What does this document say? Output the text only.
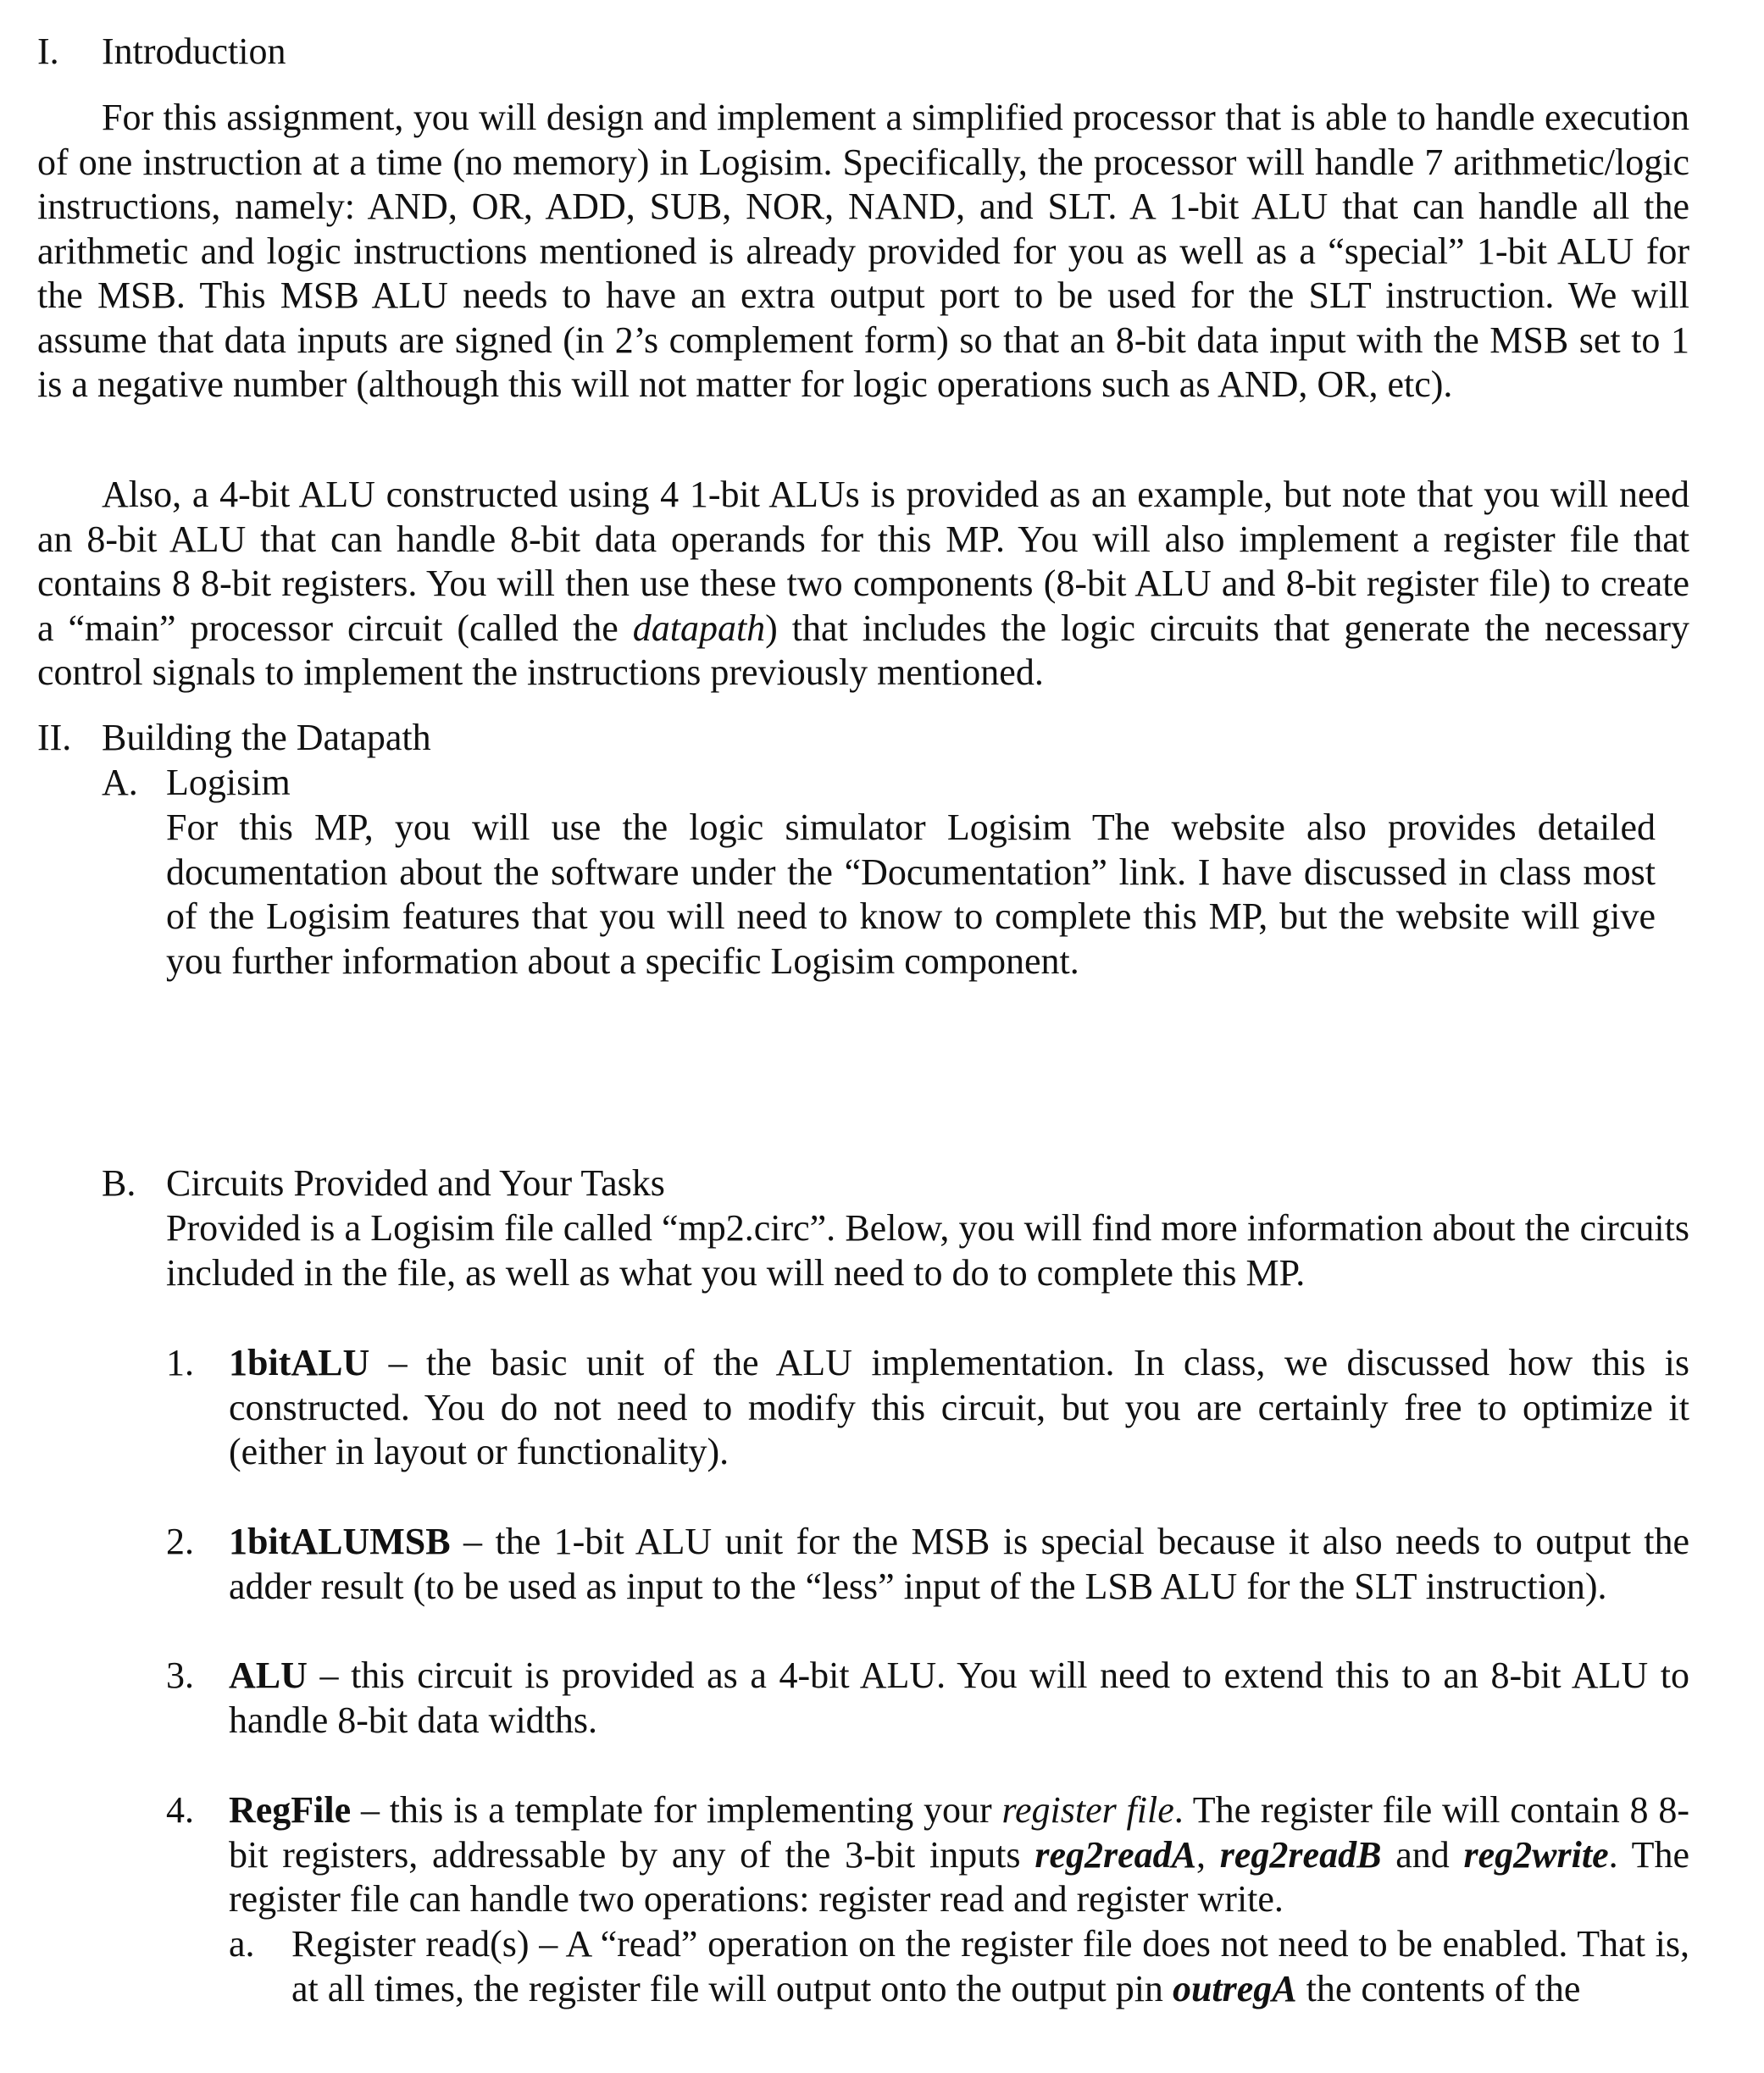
I. Introduction

For this assignment, you will design and implement a simplified processor that is able to handle execution of one instruction at a time (no memory) in Logisim. Specifically, the processor will handle 7 arithmetic/logic instructions, namely: AND, OR, ADD, SUB, NOR, NAND, and SLT. A 1-bit ALU that can handle all the arithmetic and logic instructions mentioned is already provided for you as well as a “special” 1-bit ALU for the MSB. This MSB ALU needs to have an extra output port to be used for the SLT instruction. We will assume that data inputs are signed (in 2’s complement form) so that an 8-bit data input with the MSB set to 1 is a negative number (although this will not matter for logic operations such as AND, OR, etc).

Also, a 4-bit ALU constructed using 4 1-bit ALUs is provided as an example, but note that you will need an 8-bit ALU that can handle 8-bit data operands for this MP. You will also implement a register file that contains 8 8-bit registers. You will then use these two components (8-bit ALU and 8-bit register file) to create a “main” processor circuit (called the datapath) that includes the logic circuits that generate the necessary control signals to implement the instructions previously mentioned.

II. Building the Datapath
A. Logisim

For this MP, you will use the logic simulator Logisim The website also provides detailed documentation about the software under the “Documentation” link. I have discussed in class most of the Logisim features that you will need to know to complete this MP, but the website will give you further information about a specific Logisim component.

B. Circuits Provided and Your Tasks

Provided is a Logisim file called “mp2.circ”. Below, you will find more information about the circuits included in the file, as well as what you will need to do to complete this MP.

1. 1bitALU – the basic unit of the ALU implementation. In class, we discussed how this is constructed. You do not need to modify this circuit, but you are certainly free to optimize it (either in layout or functionality).

2. 1bitALUMSB – the 1-bit ALU unit for the MSB is special because it also needs to output the adder result (to be used as input to the “less” input of the LSB ALU for the SLT instruction).

3. ALU – this circuit is provided as a 4-bit ALU. You will need to extend this to an 8-bit ALU to handle 8-bit data widths.

4. RegFile – this is a template for implementing your register file. The register file will contain 8 8-bit registers, addressable by any of the 3-bit inputs reg2readA, reg2readB and reg2write. The register file can handle two operations: register read and register write.

a. Register read(s) – A “read” operation on the register file does not need to be enabled. That is, at all times, the register file will output onto the output pin outregA the contents of the
